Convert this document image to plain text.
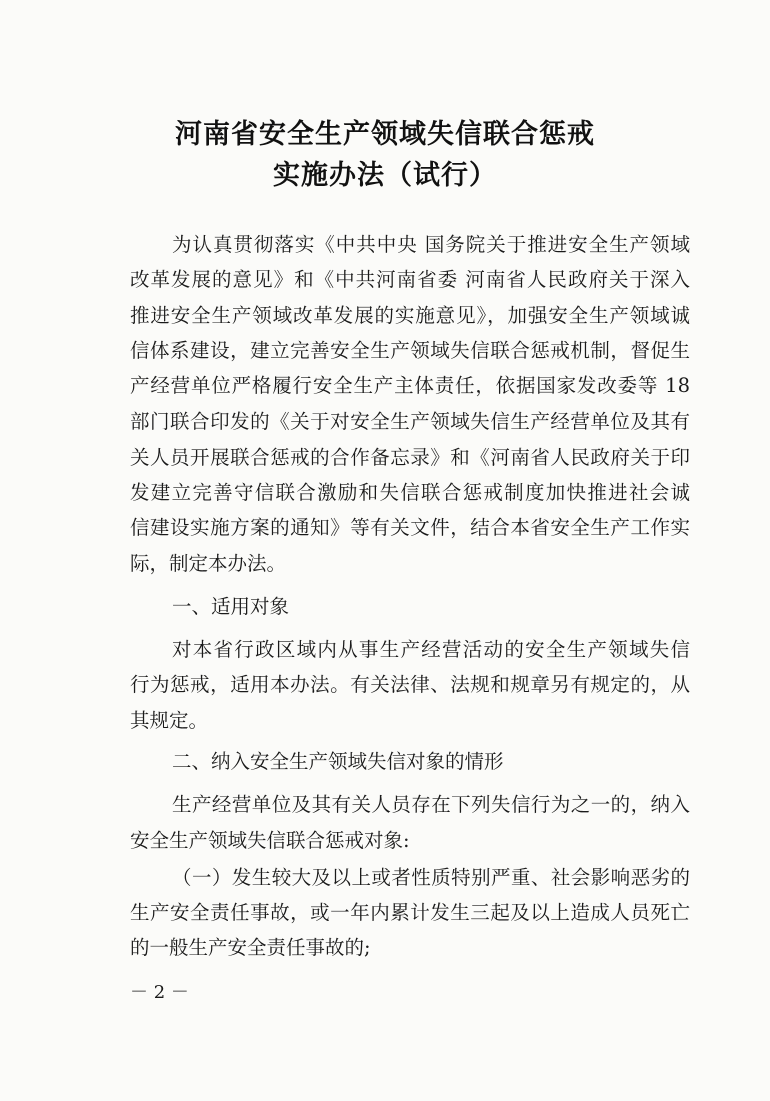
河南省安全生产领域失信联合惩戒
实施办法（试行）
为认真贯彻落实《中共中央 国务院关于推进安全生产领域
改革发展的意见》和《中共河南省委 河南省人民政府关于深入
推进安全生产领域改革发展的实施意见》，加强安全生产领域诚
信体系建设，建立完善安全生产领域失信联合惩戒机制，督促生
产经营单位严格履行安全生产主体责任，依据国家发改委等 18
部门联合印发的《关于对安全生产领域失信生产经营单位及其有
关人员开展联合惩戒的合作备忘录》和《河南省人民政府关于印
发建立完善守信联合激励和失信联合惩戒制度加快推进社会诚
信建设实施方案的通知》等有关文件，结合本省安全生产工作实
际，制定本办法。
一、适用对象
对本省行政区域内从事生产经营活动的安全生产领域失信
行为惩戒，适用本办法。有关法律、法规和规章另有规定的，从
其规定。
二、纳入安全生产领域失信对象的情形
生产经营单位及其有关人员存在下列失信行为之一的，纳入
安全生产领域失信联合惩戒对象:
（一）发生较大及以上或者性质特别严重、社会影响恶劣的
生产安全责任事故，或一年内累计发生三起及以上造成人员死亡
的一般生产安全责任事故的;
－ 2 －
